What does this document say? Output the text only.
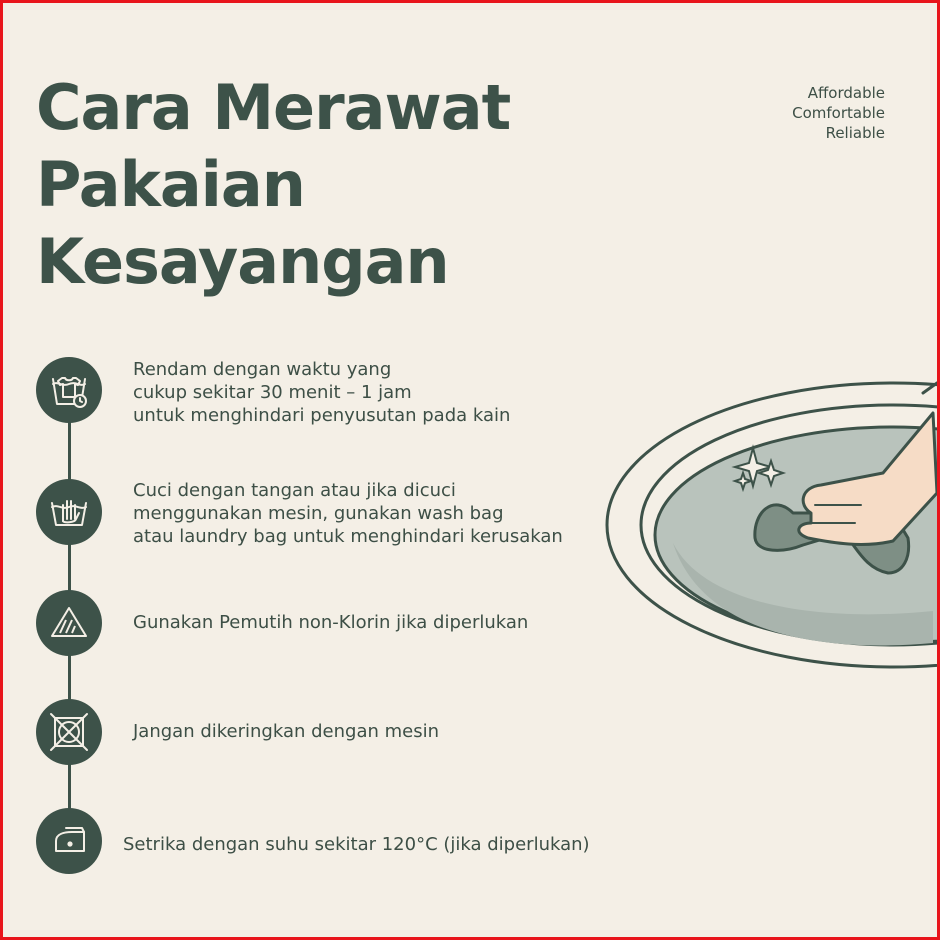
Cara Merawat
Pakaian
Kesayangan
Affordable
Comfortable
Reliable
Rendam dengan waktu yang
cukup sekitar 30 menit – 1 jam
untuk menghindari penyusutan pada kain
Cuci dengan tangan atau jika dicuci
menggunakan mesin, gunakan wash bag
atau laundry bag untuk menghindari kerusakan
Gunakan Pemutih non-Klorin jika diperlukan
Jangan dikeringkan dengan mesin
Setrika dengan suhu sekitar 120°C (jika diperlukan)
